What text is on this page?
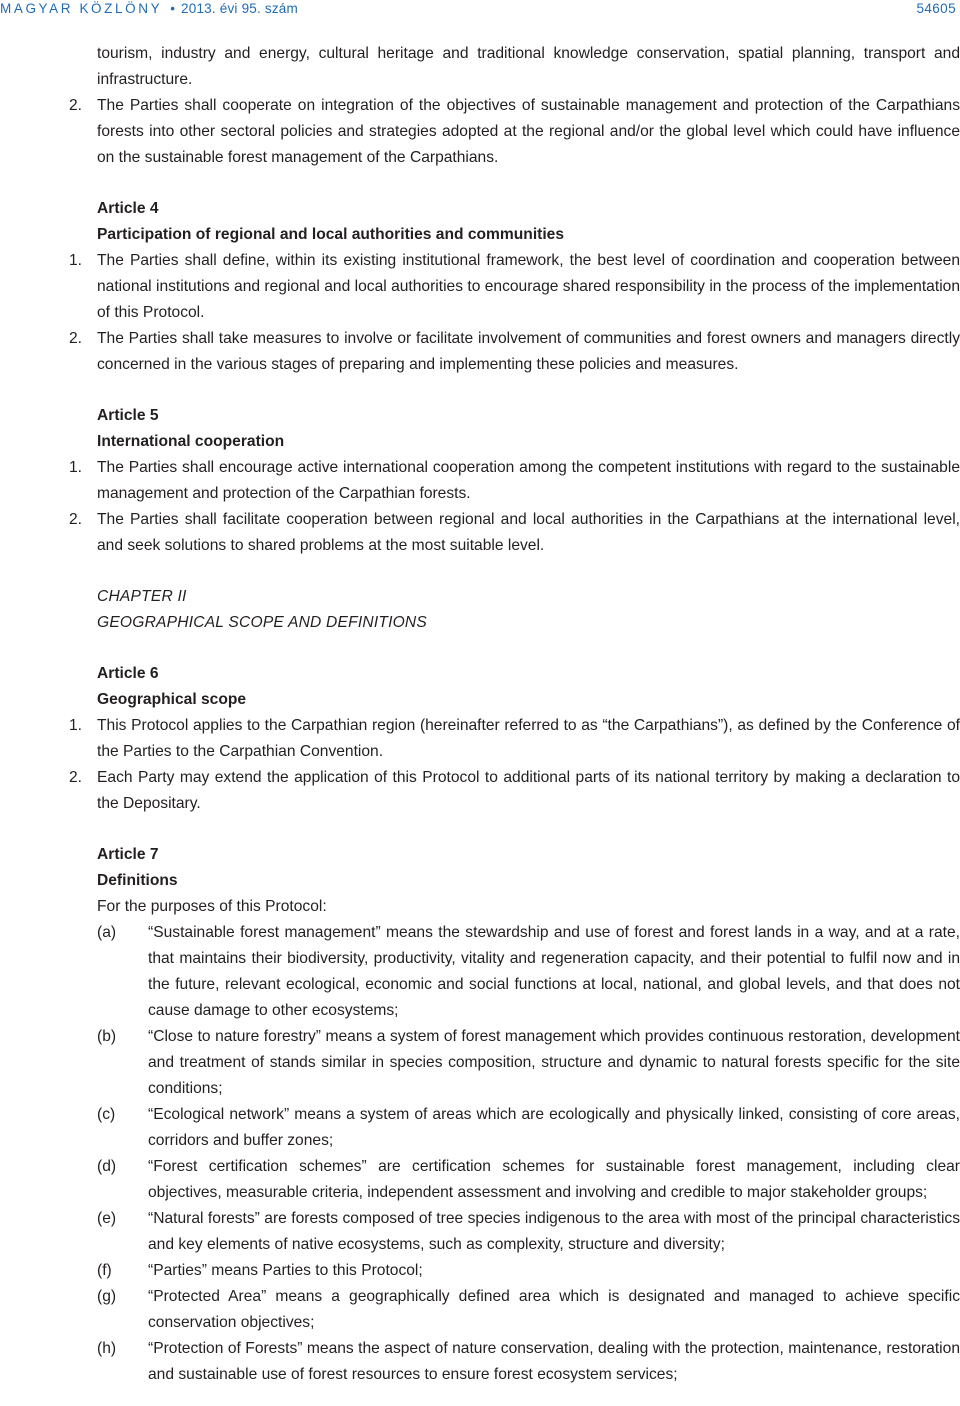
MAGYAR KÖZLÖNY • 2013. évi 95. szám	54605
tourism, industry and energy, cultural heritage and traditional knowledge conservation, spatial planning, transport and infrastructure.
2. The Parties shall cooperate on integration of the objectives of sustainable management and protection of the Carpathians forests into other sectoral policies and strategies adopted at the regional and/or the global level which could have influence on the sustainable forest management of the Carpathians.
Article 4
Participation of regional and local authorities and communities
1. The Parties shall define, within its existing institutional framework, the best level of coordination and cooperation between national institutions and regional and local authorities to encourage shared responsibility in the process of the implementation of this Protocol.
2. The Parties shall take measures to involve or facilitate involvement of communities and forest owners and managers directly concerned in the various stages of preparing and implementing these policies and measures.
Article 5
International cooperation
1. The Parties shall encourage active international cooperation among the competent institutions with regard to the sustainable management and protection of the Carpathian forests.
2. The Parties shall facilitate cooperation between regional and local authorities in the Carpathians at the international level, and seek solutions to shared problems at the most suitable level.
CHAPTER II
GEOGRAPHICAL SCOPE AND DEFINITIONS
Article 6
Geographical scope
1. This Protocol applies to the Carpathian region (hereinafter referred to as “the Carpathians”), as defined by the Conference of the Parties to the Carpathian Convention.
2. Each Party may extend the application of this Protocol to additional parts of its national territory by making a declaration to the Depositary.
Article 7
Definitions
For the purposes of this Protocol:
(a)	“Sustainable forest management” means the stewardship and use of forest and forest lands in a way, and at a rate, that maintains their biodiversity, productivity, vitality and regeneration capacity, and their potential to fulfil now and in the future, relevant ecological, economic and social functions at local, national, and global levels, and that does not cause damage to other ecosystems;
(b)	“Close to nature forestry” means a system of forest management which provides continuous restoration, development and treatment of stands similar in species composition, structure and dynamic to natural forests specific for the site conditions;
(c)	“Ecological network” means a system of areas which are ecologically and physically linked, consisting of core areas, corridors and buffer zones;
(d)	“Forest certification schemes” are certification schemes for sustainable forest management, including clear objectives, measurable criteria, independent assessment and involving and credible to major stakeholder groups;
(e)	“Natural forests” are forests composed of tree species indigenous to the area with most of the principal characteristics and key elements of native ecosystems, such as complexity, structure and diversity;
(f)	“Parties” means Parties to this Protocol;
(g)	“Protected Area” means a geographically defined area which is designated and managed to achieve specific conservation objectives;
(h)	“Protection of Forests” means the aspect of nature conservation, dealing with the protection, maintenance, restoration and sustainable use of forest resources to ensure forest ecosystem services;
